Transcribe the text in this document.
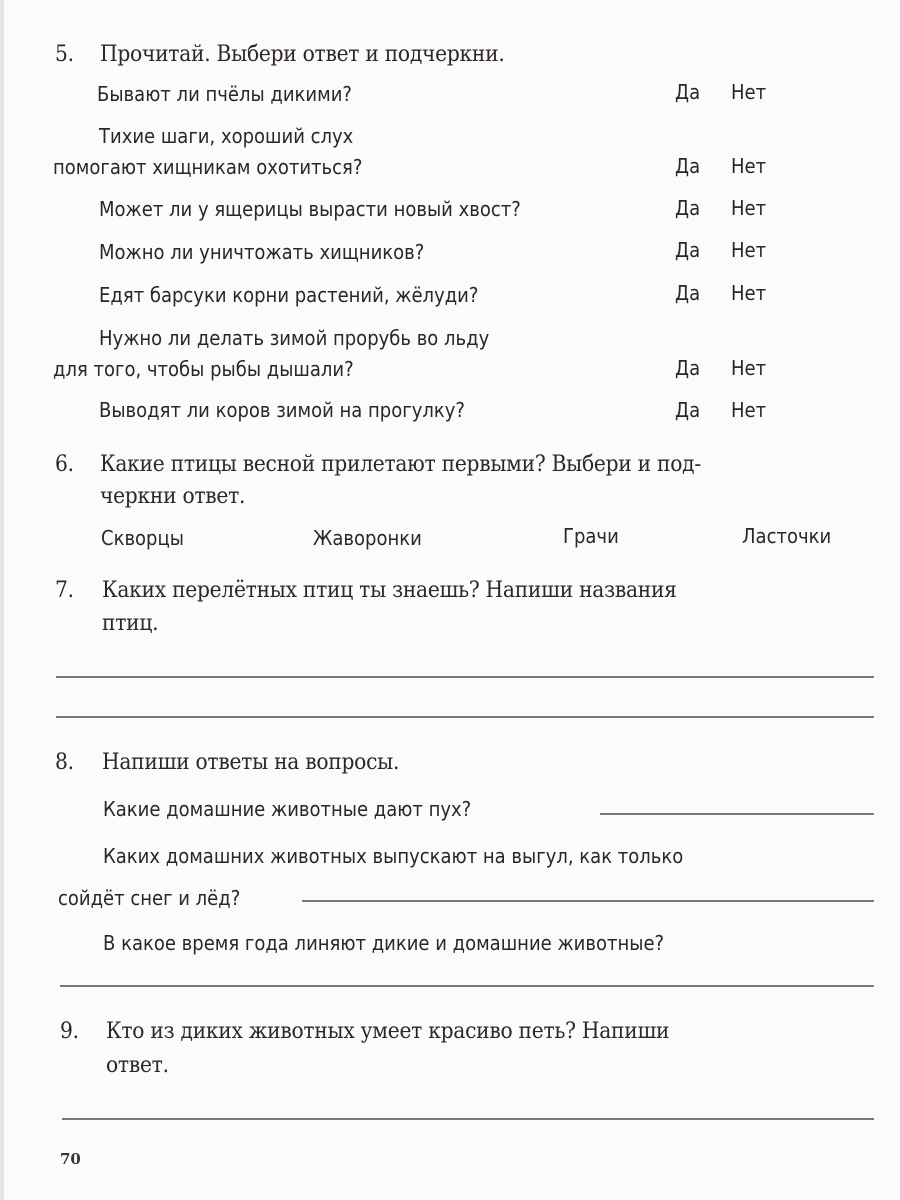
5. Прочитай. Выбери ответ и подчеркни.
Бывают ли пчёлы дикими?	Да Нет
Тихие шаги, хороший слух
помогают хищникам охотиться?	Да Нет
Может ли у ящерицы вырасти новый хвост?	Да Нет
Можно ли уничтожать хищников?	Да Нет
Едят барсуки корни растений, жёлуди?	Да Нет
Нужно ли делать зимой прорубь во льду
для того, чтобы рыбы дышали?	Да Нет
Выводят ли коров зимой на прогулку?	Да Нет
6. Какие птицы весной прилетают первыми? Выбери и под-
черкни ответ.
Скворцы	Жаворонки	Грачи	Ласточки
7. Каких перелётных птиц ты знаешь? Напиши названия
птиц.
8. Напиши ответы на вопросы.
Какие домашние животные дают пух?
Каких домашних животных выпускают на выгул, как только
сойдёт снег и лёд?
В какое время года линяют дикие и домашние животные?
9. Кто из диких животных умеет красиво петь? Напиши
ответ.
70
